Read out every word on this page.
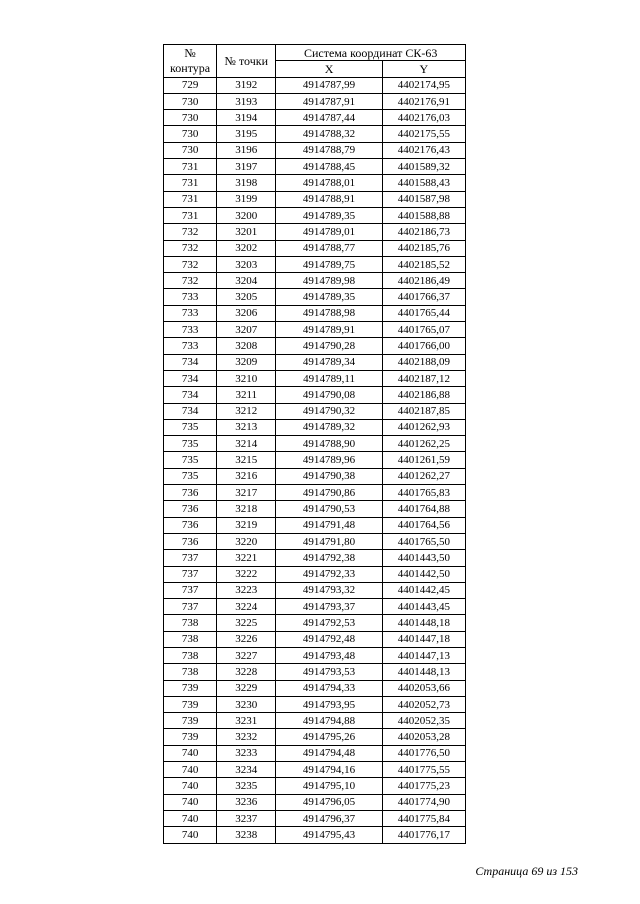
№ контура	№ точки	Система координат СК-63	
		X	Y
729	3192	4914787,99	4402174,95
730	3193	4914787,91	4402176,91
730	3194	4914787,44	4402176,03
730	3195	4914788,32	4402175,55
730	3196	4914788,79	4402176,43
731	3197	4914788,45	4401589,32
731	3198	4914788,01	4401588,43
731	3199	4914788,91	4401587,98
731	3200	4914789,35	4401588,88
732	3201	4914789,01	4402186,73
732	3202	4914788,77	4402185,76
732	3203	4914789,75	4402185,52
732	3204	4914789,98	4402186,49
733	3205	4914789,35	4401766,37
733	3206	4914788,98	4401765,44
733	3207	4914789,91	4401765,07
733	3208	4914790,28	4401766,00
734	3209	4914789,34	4402188,09
734	3210	4914789,11	4402187,12
734	3211	4914790,08	4402186,88
734	3212	4914790,32	4402187,85
735	3213	4914789,32	4401262,93
735	3214	4914788,90	4401262,25
735	3215	4914789,96	4401261,59
735	3216	4914790,38	4401262,27
736	3217	4914790,86	4401765,83
736	3218	4914790,53	4401764,88
736	3219	4914791,48	4401764,56
736	3220	4914791,80	4401765,50
737	3221	4914792,38	4401443,50
737	3222	4914792,33	4401442,50
737	3223	4914793,32	4401442,45
737	3224	4914793,37	4401443,45
738	3225	4914792,53	4401448,18
738	3226	4914792,48	4401447,18
738	3227	4914793,48	4401447,13
738	3228	4914793,53	4401448,13
739	3229	4914794,33	4402053,66
739	3230	4914793,95	4402052,73
739	3231	4914794,88	4402052,35
739	3232	4914795,26	4402053,28
740	3233	4914794,48	4401776,50
740	3234	4914794,16	4401775,55
740	3235	4914795,10	4401775,23
740	3236	4914796,05	4401774,90
740	3237	4914796,37	4401775,84
740	3238	4914795,43	4401776,17
Страница 69 из 153
